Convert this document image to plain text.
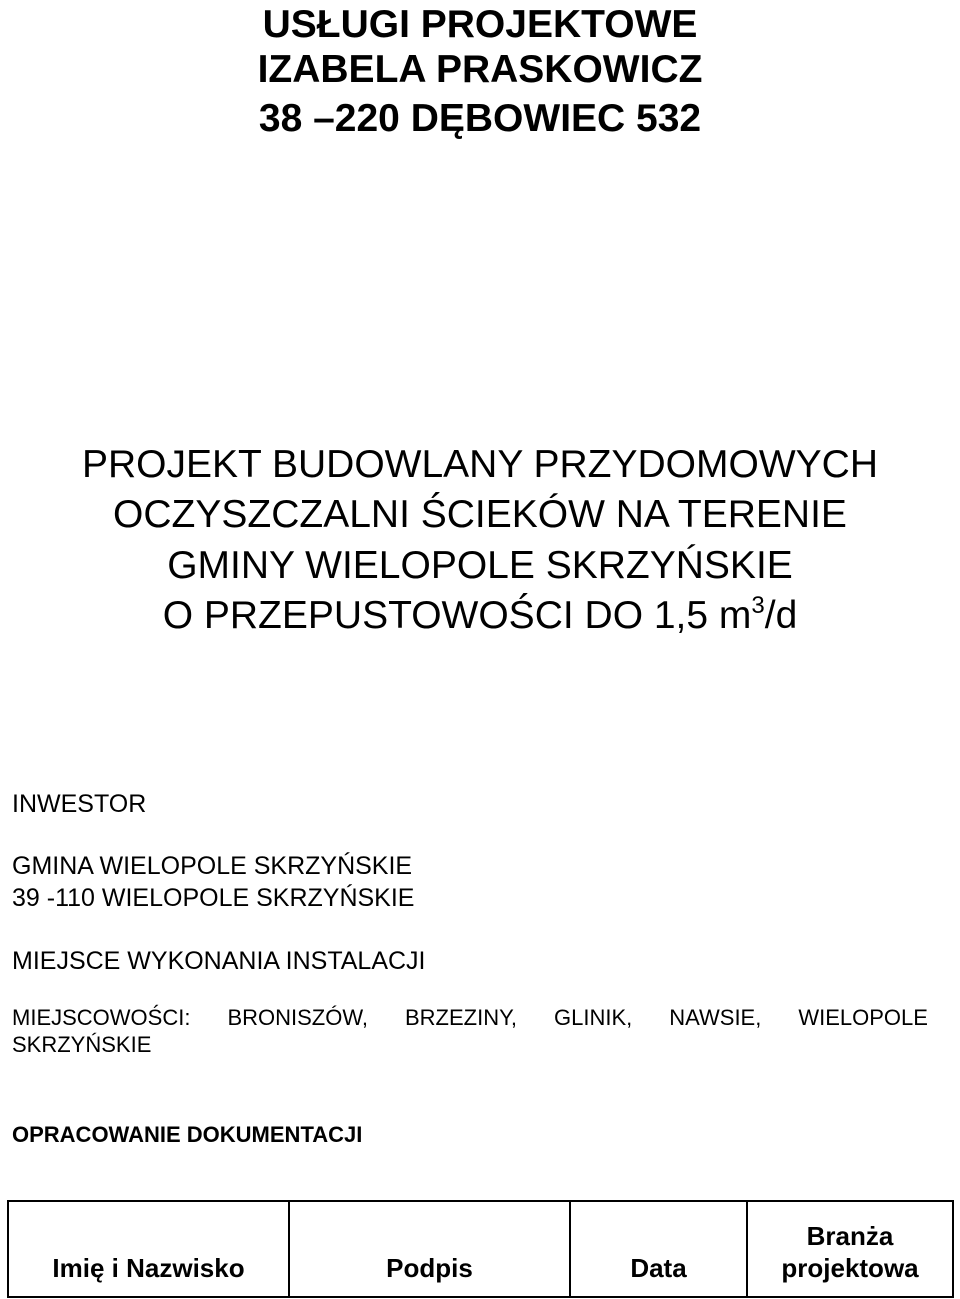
USŁUGI PROJEKTOWE
IZABELA PRASKOWICZ
38 –220 DĘBOWIEC 532
PROJEKT BUDOWLANY PRZYDOMOWYCH
OCZYSZCZALNI ŚCIEKÓW NA TERENIE
GMINY WIELOPOLE SKRZYŃSKIE
O PRZEPUSTOWOŚCI DO 1,5 $m^3/d$
INWESTOR
GMINA WIELOPOLE SKRZYŃSKIE
39 -110 WIELOPOLE SKRZYŃSKIE
MIEJSCE WYKONANIA INSTALACJI
MIEJSCOWOŚCI: BRONISZÓW, BRZEZINY, GLINIK, NAWSIE, WIELOPOLE
SKRZYŃSKIE
OPRACOWANIE DOKUMENTACJI
Imię i Nazwisko	Podpis	Data	Branża
projektowa
